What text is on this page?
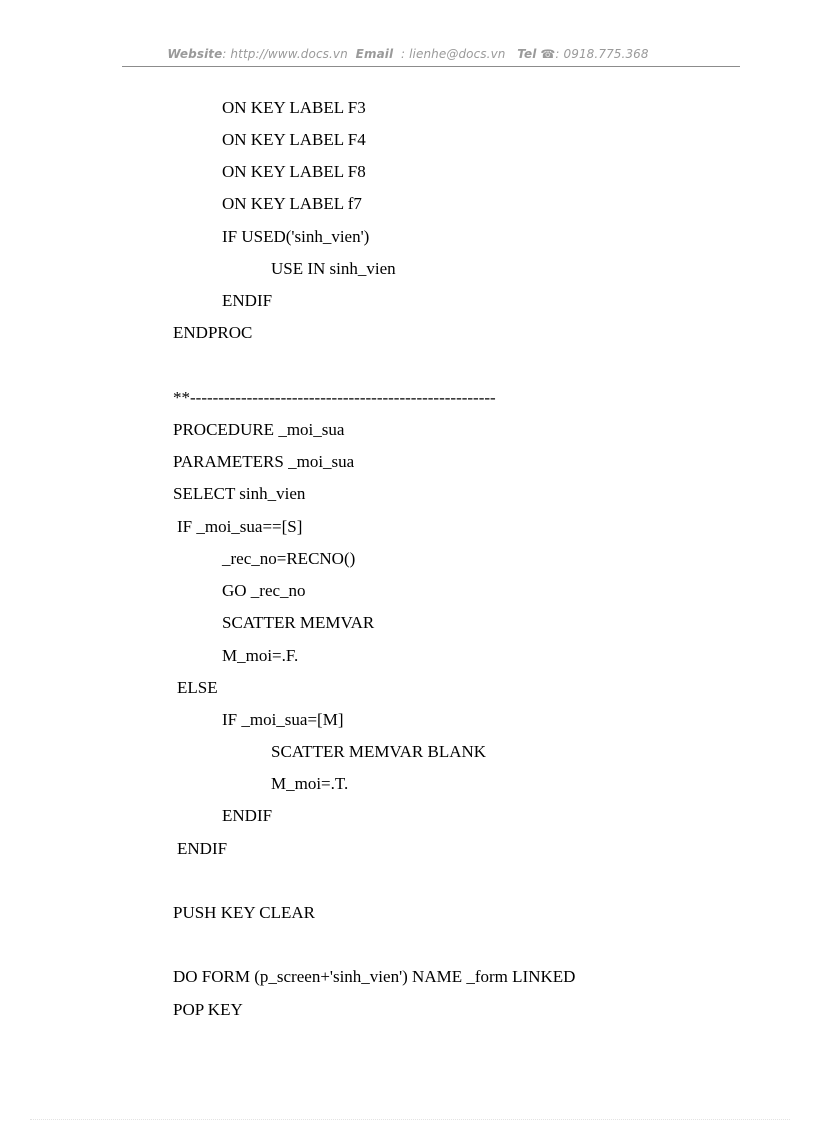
Website: http://www.docs.vn Email : lienhe@docs.vn Tel ☎: 0918.775.368
ON KEY LABEL F3
ON KEY LABEL F4
ON KEY LABEL F8
ON KEY LABEL f7
IF USED('sinh_vien')
USE IN sinh_vien
ENDIF
ENDPROC
**------------------------------------------------------
PROCEDURE _moi_sua
PARAMETERS _moi_sua
SELECT sinh_vien
IF _moi_sua==[S]
_rec_no=RECNO()
GO _rec_no
SCATTER MEMVAR
M_moi=.F.
ELSE
IF _moi_sua=[M]
SCATTER MEMVAR BLANK
M_moi=.T.
ENDIF
ENDIF
PUSH KEY CLEAR
DO FORM (p_screen+'sinh_vien') NAME _form LINKED
POP KEY
